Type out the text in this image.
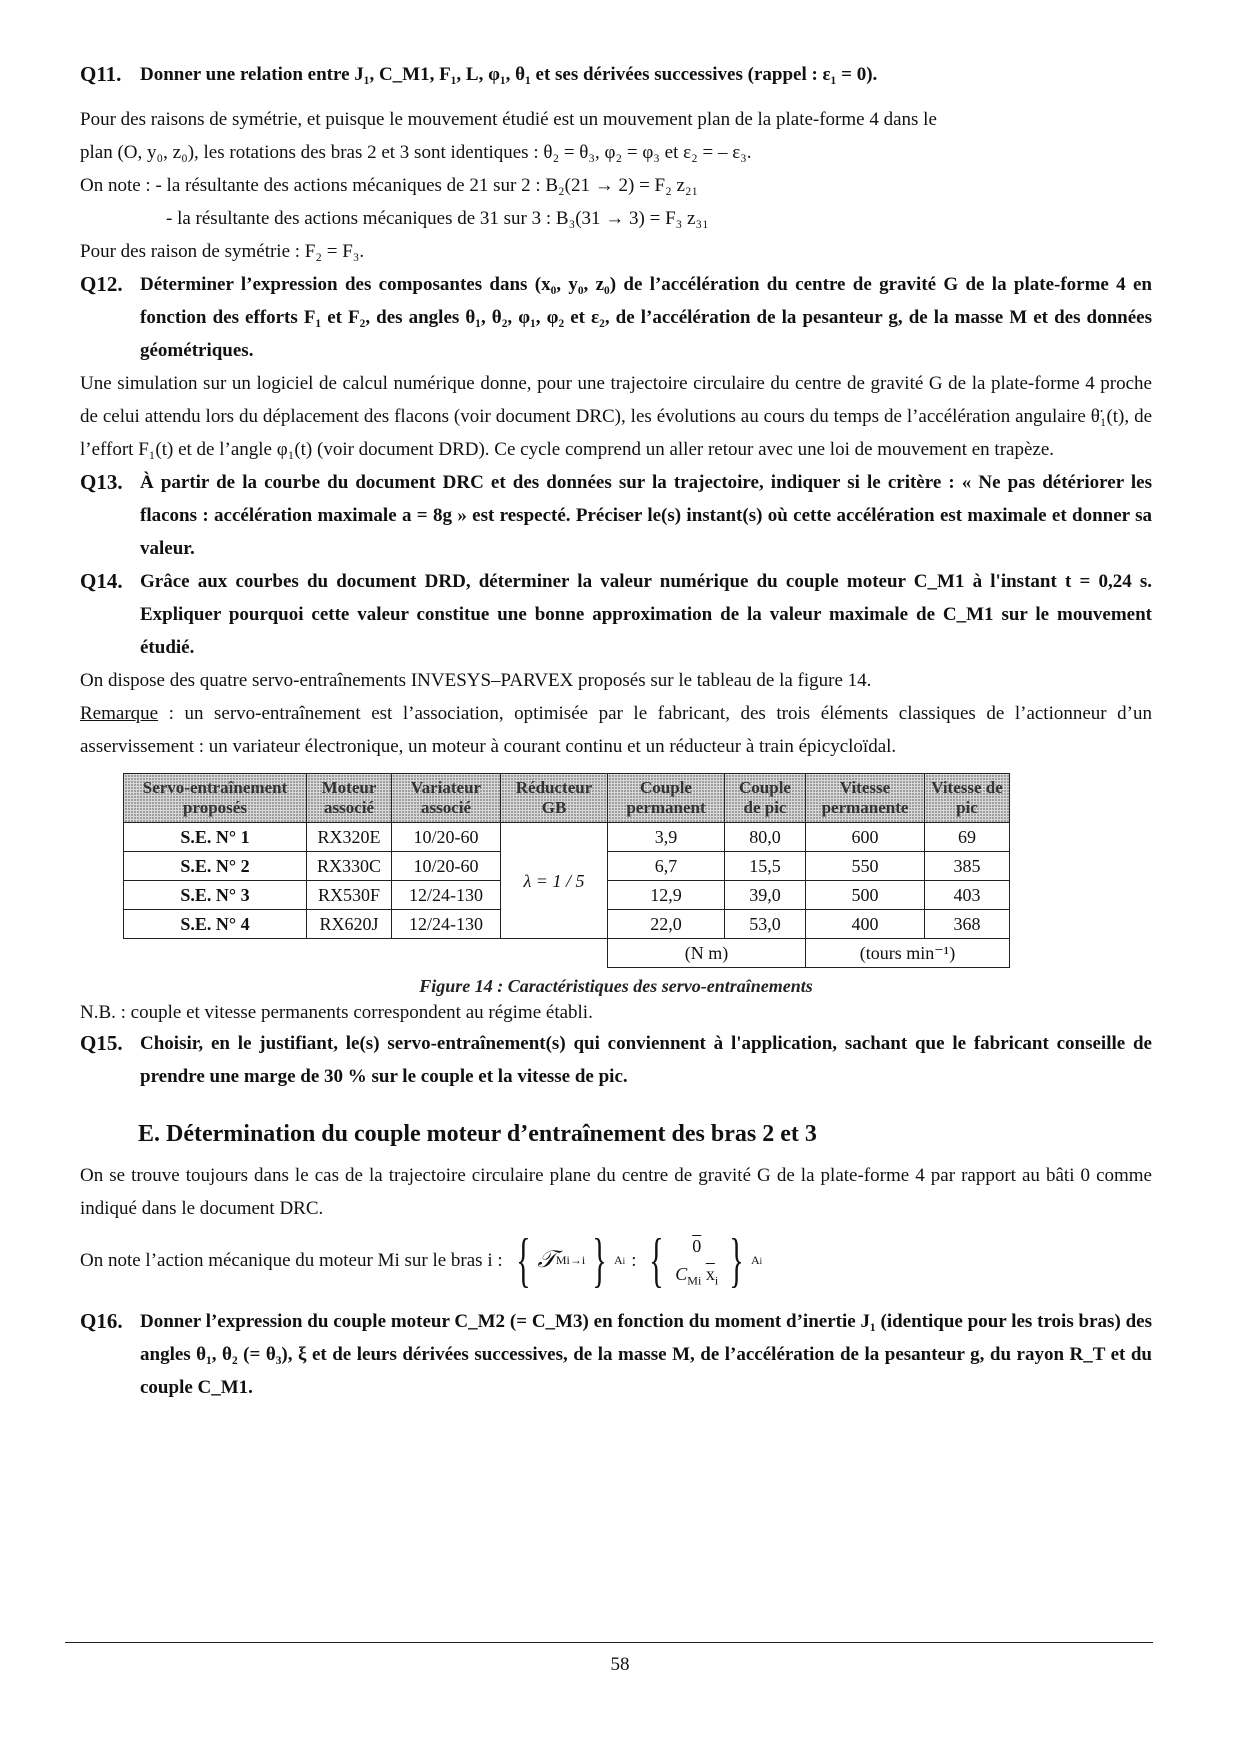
Q11. Donner une relation entre J₁, C_M1, F₁, L, φ₁, θ₁ et ses dérivées successives (rappel : ε₁ = 0).

Pour des raisons de symétrie, et puisque le mouvement étudié est un mouvement plan de la plate-forme 4 dans le

plan (O, y₀, z₀), les rotations des bras 2 et 3 sont identiques : θ₂ = θ₃, φ₂ = φ₃ et ε₂ = – ε₃.

On note : - la résultante des actions mécaniques de 21 sur 2 : B₂(21 → 2) = F₂ z₂₁

- la résultante des actions mécaniques de 31 sur 3 : B₃(31 → 3) = F₃ z₃₁

Pour des raison de symétrie : F₂ = F₃.

Q12. Déterminer l’expression des composantes dans (x₀, y₀, z₀) de l’accélération du centre de gravité G de la plate-forme 4 en fonction des efforts F₁ et F₂, des angles θ₁, θ₂, φ₁, φ₂ et ε₂, de l’accélération de la pesanteur g, de la masse M et des données géométriques.

Une simulation sur un logiciel de calcul numérique donne, pour une trajectoire circulaire du centre de gravité G de la plate-forme 4 proche de celui attendu lors du déplacement des flacons (voir document DRC), les évolutions au cours du temps de l’accélération angulaire θ̈₁(t), de l’effort F₁(t) et de l’angle φ₁(t) (voir document DRD). Ce cycle comprend un aller retour avec une loi de mouvement en trapèze.

Q13. À partir de la courbe du document DRC et des données sur la trajectoire, indiquer si le critère : « Ne pas détériorer les flacons : accélération maximale a = 8g » est respecté. Préciser le(s) instant(s) où cette accélération est maximale et donner sa valeur.
Q14. Grâce aux courbes du document DRD, déterminer la valeur numérique du couple moteur C_M1 à l'instant t = 0,24 s. Expliquer pourquoi cette valeur constitue une bonne approximation de la valeur maximale de C_M1 sur le mouvement étudié.

On dispose des quatre servo-entraînements INVESYS–PARVEX proposés sur le tableau de la figure 14.

Remarque : un servo-entraînement est l’association, optimisée par le fabricant, des trois éléments classiques de l’actionneur d’un asservissement : un variateur électronique, un moteur à courant continu et un réducteur à train épicycloïdal.

Servo-entraînement proposés	Moteur associé	Variateur associé	Réducteur GB	Couple permanent	Couple de pic	Vitesse permanente	Vitesse de pic
S.E. N° 1	RX320E	10/20-60	λ = 1 / 5	3,9	80,0	600	69
S.E. N° 2	RX330C	10/20-60		6,7	15,5	550	385
S.E. N° 3	RX530F	12/24-130		12,9	39,0	500	403
S.E. N° 4	RX620J	12/24-130		22,0	53,0	400	368
				(N m)		(tours min⁻¹)	

Figure 14 : Caractéristiques des servo-entraînements

N.B. : couple et vitesse permanents correspondent au régime établi.

Q15. Choisir, en le justifiant, le(s) servo-entraînement(s) qui conviennent à l'application, sachant que le fabricant conseille de prendre une marge de 30 % sur le couple et la vitesse de pic.
E. Détermination du couple moteur d’entraînement des bras 2 et 3

On se trouve toujours dans le cas de la trajectoire circulaire plane du centre de gravité G de la plate-forme 4 par rapport au bâti 0 comme indiqué dans le document DRC.

On note l’action mécanique du moteur Mi sur le bras i : { 𝒯 Mi→i } Ai : { 0
$C_{Mi}$ $\overline{x}_i$ } Ai
Q16. Donner l’expression du couple moteur C_M2 (= C_M3) en fonction du moment d’inertie J₁ (identique pour les trois bras) des angles θ₁, θ₂ (= θ₃), ξ et de leurs dérivées successives, de la masse M, de l’accélération de la pesanteur g, du rayon R_T et du couple C_M1.
58
